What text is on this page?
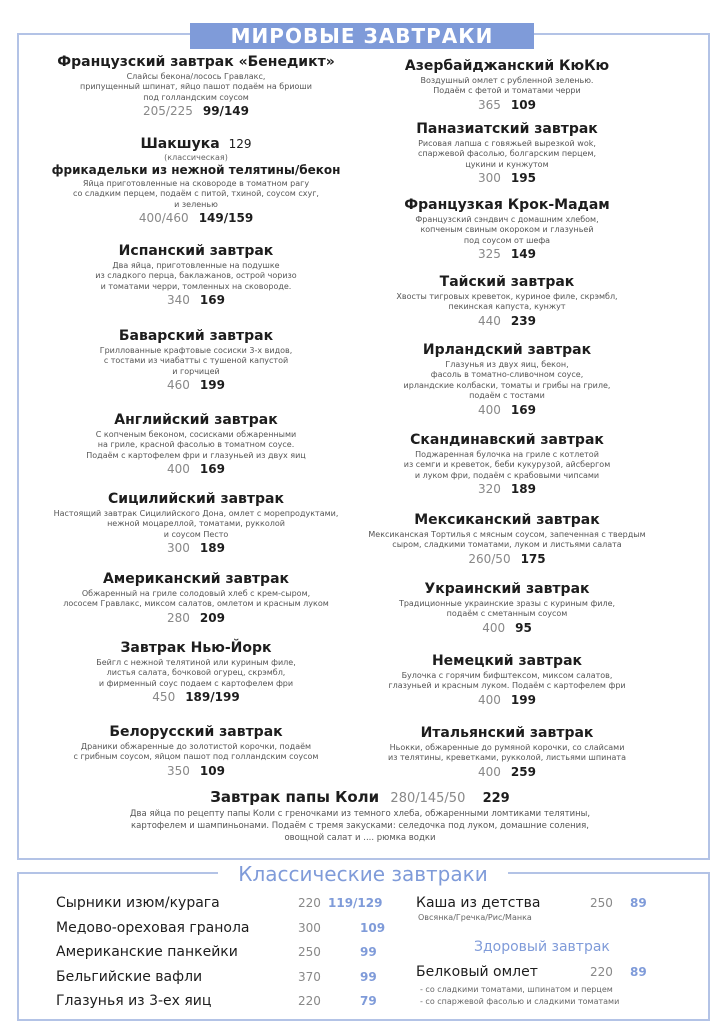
МИРОВЫЕ ЗАВТРАКИ
Французский завтрак «Бенедикт»
Слайсы бекона/лосось Гравлакс,
припущенный шпинат, яйцо пашот подаём на бриоши
под голландским соусом
205/225 99/149
Шакшука 129
(классическая)
фрикадельки из нежной телятины/бекон
Яйца приготовленные на сковороде в томатном рагу
со сладким перцем, подаём с питой, тхиной, соусом схуг,
и зеленью
400/460 149/159
Испанский завтрак
Два яйца, приготовленные на подушке
из сладкого перца, баклажанов, острой чоризо
и томатами черри, томленных на сковороде.
340 169
Баварский завтрак
Гриллованные крафтовые сосиски 3-х видов,
с тостами из чиабатты с тушеной капустой
и горчицей
460 199
Английский завтрак
С копченым беконом, сосисками обжаренными
на гриле, красной фасолью в томатном соусе.
Подаём с картофелем фри и глазуньей из двух яиц
400 169
Сицилийский завтрак
Настоящий завтрак Сицилийского Дона, омлет с морепродуктами,
нежной моцареллой, томатами, рукколой
и соусом Песто
300 189
Американский завтрак
Обжаренный на гриле солодовый хлеб с крем-сыром,
лососем Гравлакс, миксом салатов, омлетом и красным луком
280 209
Завтрак Нью-Йорк
Бейгл с нежной телятиной или куриным филе,
листья салата, бочковой огурец, скрэмбл,
и фирменный соус подаем с картофелем фри
450 189/199
Белорусский завтрак
Драники обжаренные до золотистой корочки, подаём
с грибным соусом, яйцом пашот под голландским соусом
350 109
Азербайджанский КюКю
Воздушный омлет с рубленной зеленью.
Подаём с фетой и томатами черри
365 109
Паназиатский завтрак
Рисовая лапша с говяжьей вырезкой wok,
спаржевой фасолью, болгарским перцем,
цукини и кунжутом
300 195
Французкая Крок-Мадам
Французский сэндвич с домашним хлебом,
копченым свиным окороком и глазуньей
под соусом от шефа
325 149
Тайский завтрак
Хвосты тигровых креветок, куриное филе, скрэмбл,
пекинская капуста, кунжут
440 239
Ирландский завтрак
Глазунья из двух яиц, бекон,
фасоль в томатно-сливочном соусе,
ирландские колбаски, томаты и грибы на гриле,
подаём с тостами
400 169
Скандинавский завтрак
Поджаренная булочка на гриле с котлетой
из семги и креветок, беби кукурузой, айсбергом
и луком фри, подаём с крабовыми чипсами
320 189
Мексиканский завтрак
Мексиканская Тортилья с мясным соусом, запеченная с твердым
сыром, сладкими томатами, луком и листьями салата
260/50 175
Украинский завтрак
Традиционные украинские зразы с куриным филе,
подаём с сметанным соусом
400 95
Немецкий завтрак
Булочка с горячим бифштексом, миксом салатов,
глазуньей и красным луком. Подаём с картофелем фри
400 199
Итальянский завтрак
Ньокки, обжаренные до румяной корочки, со слайсами
из телятины, креветками, рукколой, листьями шпината
400 259
Завтрак папы Коли 280/145/50 229
Два яйца по рецепту папы Коли с греночками из темного хлеба, обжаренными ломтиками телятины,
картофелем и шампиньонами. Подаём с тремя закусками: селедочка под луком, домашние соления,
овощной салат и .... рюмка водки
Классические завтраки
Сырники изюм/курага	220 119/129
Медово-ореховая гранола	300	109
Американские панкейки	250	99
Бельгийские вафли	370	99
Глазунья из 3-ех яиц	220	79
Каша из детства	250 89
Овсянка/Гречка/Рис/Манка
Здоровый завтрак
Белковый омлет	220 89
- со сладкими томатами, шпинатом и перцем
- со спаржевой фасолью и сладкими томатами
